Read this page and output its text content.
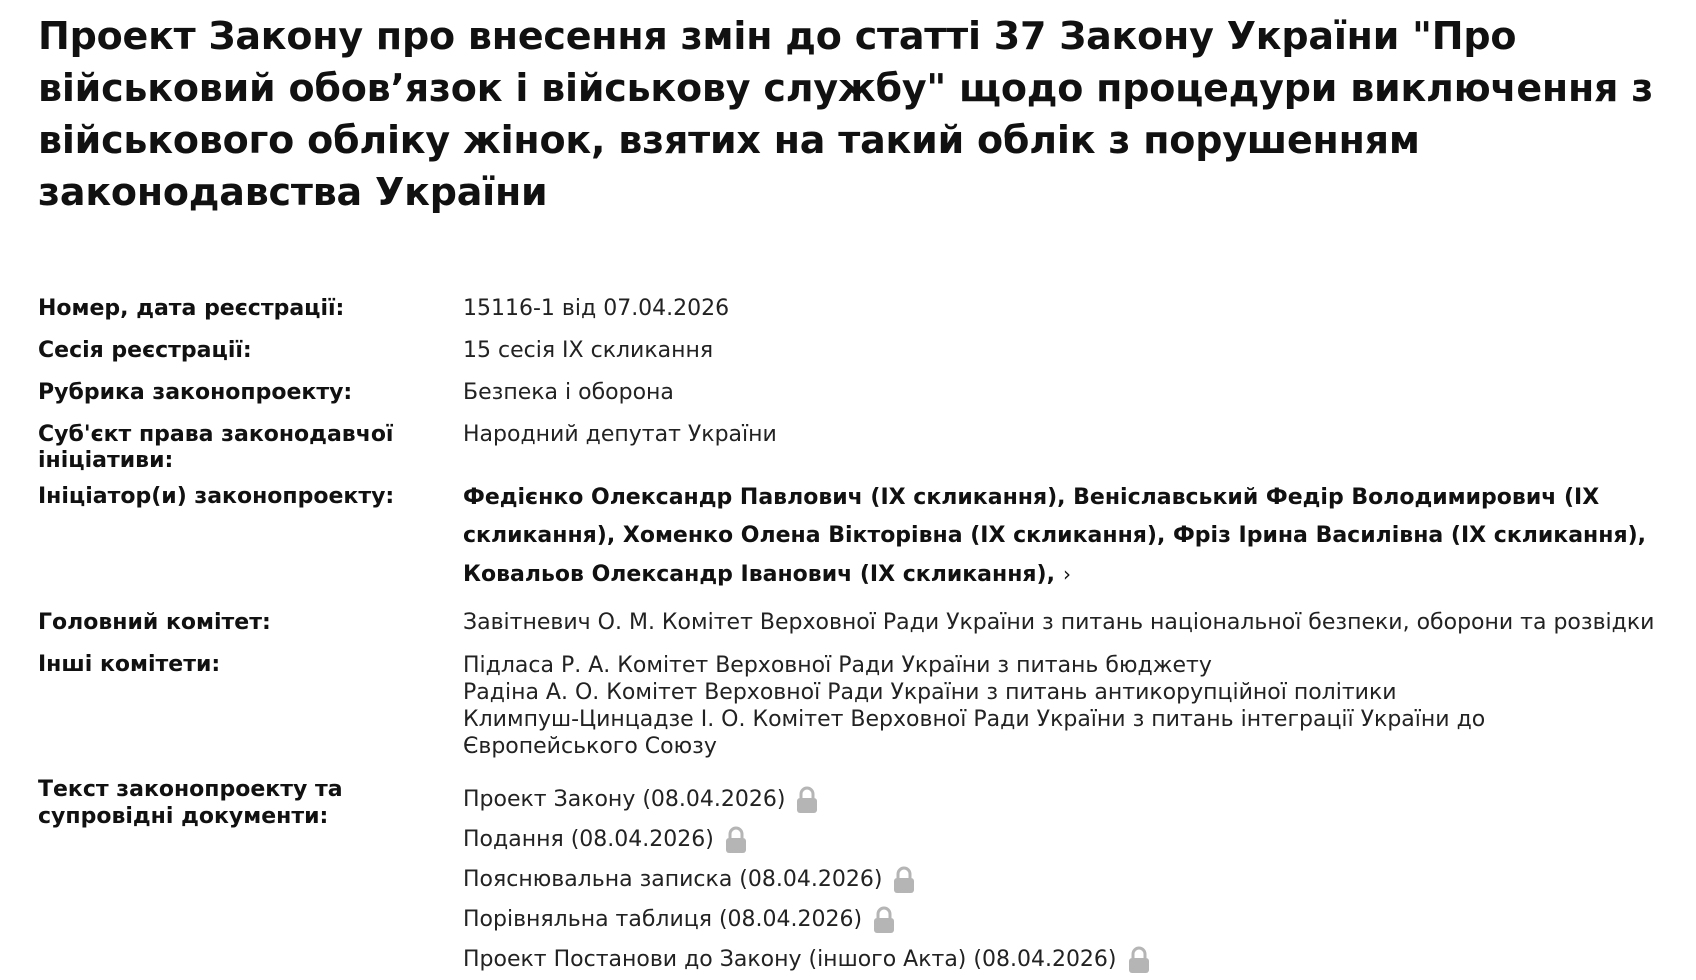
Проект Закону про внесення змін до статті 37 Закону України "Про військовий обов’язок і військову службу" щодо процедури виключення з військового обліку жінок, взятих на такий облік з порушенням законодавства України
Номер, дата реєстрації:	15116-1 від 07.04.2026
Сесія реєстрації:	15 сесія IX скликання
Рубрика законопроекту:	Безпека і оборона
Суб'єкт права законодавчої ініціативи:
Народний депутат України
Ініціатор(и) законопроекту:	Федієнко Олександр Павлович (IX скликання), Веніславський Федір Володимирович (IX скликання), Хоменко Олена Вікторівна (IX скликання), Фріз Ірина Василівна (IX скликання), Ковальов Олександр Іванович (IX скликання), ›
Головний комітет:	Завітневич О. М. Комітет Верховної Ради України з питань національної безпеки, оборони та розвідки
Інші комітети:	Підласа Р. А. Комітет Верховної Ради України з питань бюджету
Радіна А. О. Комітет Верховної Ради України з питань антикорупційної політики
Климпуш-Цинцадзе І. О. Комітет Верховної Ради України з питань інтеграції України до Європейського Союзу
Текст законопроекту та супровідні документи:
Проект Закону (08.04.2026)
Подання (08.04.2026)
Пояснювальна записка (08.04.2026)
Порівняльна таблиця (08.04.2026)
Проект Постанови до Закону (іншого Акта) (08.04.2026)
